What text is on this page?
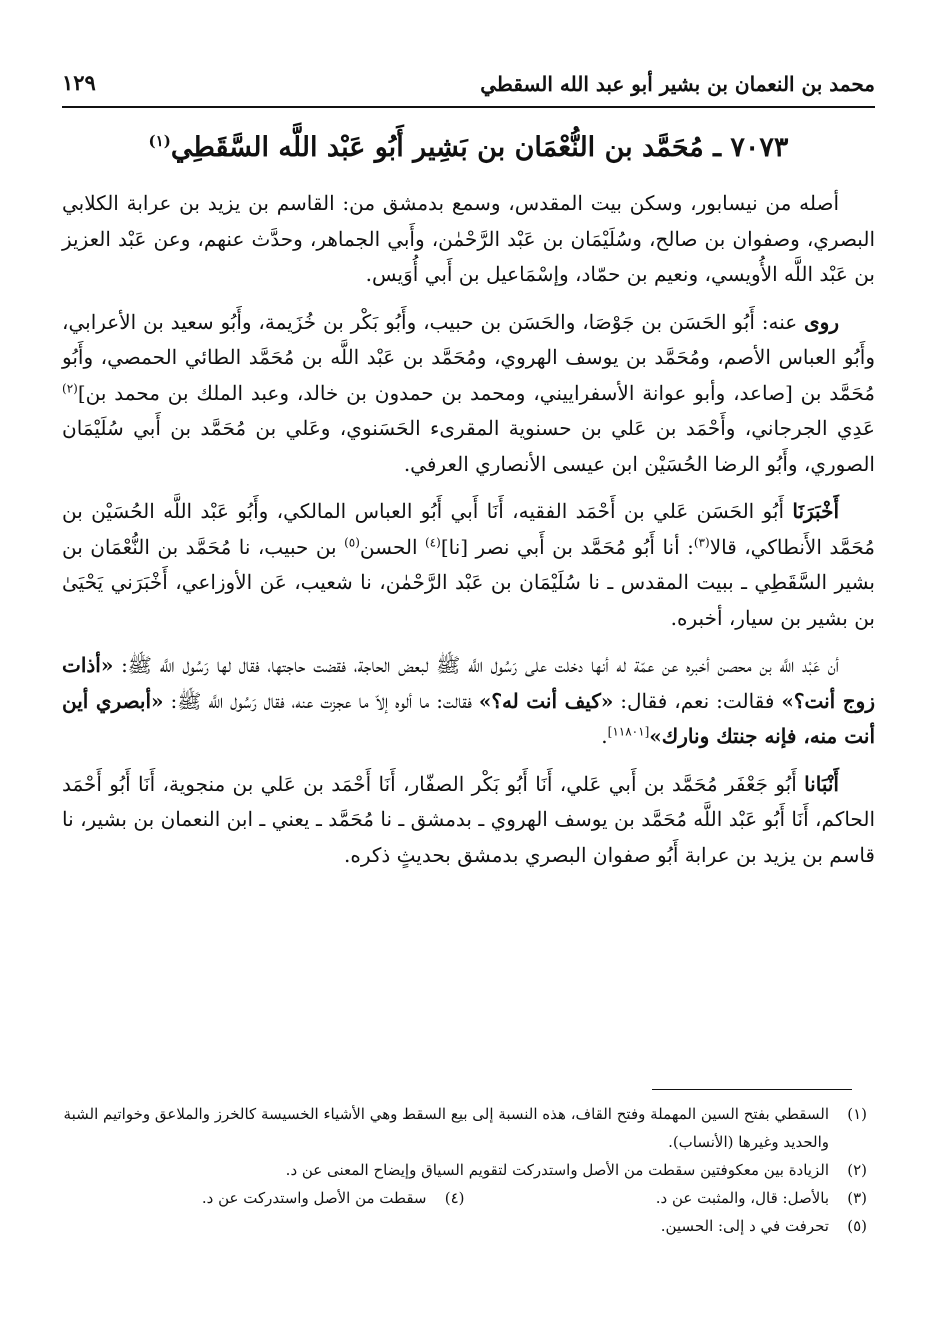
محمد بن النعمان بن بشير أبو عبد الله السقطي
١٢٩
٧٠٧٣ ـ مُحَمَّد بن النُّعْمَان بن بَشِير أَبُو عَبْد اللَّه السَّقَطِي$^{(١)}$

أصله من نيسابور، وسكن بيت المقدس، وسمع بدمشق من: القاسم بن يزيد بن عرابة الكلابي البصري، وصفوان بن صالح، وسُلَيْمَان بن عَبْد الرَّحْمٰن، وأَبي الجماهر، وحدَّث عنهم، وعن عَبْد العزيز بن عَبْد اللَّه الأُويسي، ونعيم بن حمّاد، وإسْمَاعيل بن أَبي أُوَيس.

روى عنه: أَبُو الحَسَن بن جَوْصَا، والحَسَن بن حبيب، وأَبُو بَكْر بن خُزَيمة، وأَبُو سعيد بن الأعرابي، وأَبُو العباس الأصم، ومُحَمَّد بن يوسف الهروي، ومُحَمَّد بن عَبْد اللَّه بن مُحَمَّد الطائي الحمصي، وأَبُو مُحَمَّد بن [صاعد، وأبو عوانة الأسفراييني، ومحمد بن حمدون بن خالد، وعبد الملك بن محمد بن]$^{(٢)}$ عَدِي الجرجاني، وأَحْمَد بن عَلي بن حسنوية المقرىء الحَسَنوي، وعَلي بن مُحَمَّد بن أَبي سُلَيْمَان الصوري، وأَبُو الرضا الحُسَيْن ابن عيسى الأنصاري العرفي.

أَخْبَرَنَا أَبُو الحَسَن عَلي بن أَحْمَد الفقيه، أَنَا أَبي أَبُو العباس المالكي، وأَبُو عَبْد اللَّه الحُسَيْن بن مُحَمَّد الأَنطاكي، قالا$^{(٣)}$: أنا أَبُو مُحَمَّد بن أَبي نصر [نا]$^{(٤)}$ الحسن$^{(٥)}$ بن حبيب، نا مُحَمَّد بن النُّعْمَان بن بشير السَّقَطِي ـ ببيت المقدس ـ نا سُلَيْمَان بن عَبْد الرَّحْمٰن، نا شعيب، عَن الأوزاعي، أَخْبَرَني يَحْيَىٰ بن بشير بن سيار، أخبره.

أن عَبْد اللَّه بن محصن أخبره عن عمّة له أنها دخلت على رَسُول اللَّه ﷺ لبعض الحاجة، فقضت حاجتها، فقال لها رَسُول اللَّه ﷺ: «أذات زوج أنت؟» فقالت: نعم، فقال: «كيف أنت له؟» فقالت: ما ألوه إلاّ ما عجزت عنه، فقال رَسُول اللَّه ﷺ: «أبصري أين أنت منه، فإنه جنتك ونارك»[١١٨٠١].

أَنْبَانا أَبُو جَعْفَر مُحَمَّد بن أَبي عَلي، أَنَا أَبُو بَكْر الصفّار، أَنَا أَحْمَد بن عَلي بن منجوية، أَنَا أَبُو أَحْمَد الحاكم، أَنَا أَبُو عَبْد اللَّه مُحَمَّد بن يوسف الهروي ـ بدمشق ـ نا مُحَمَّد ـ يعني ـ ابن النعمان بن بشير، نا قاسم بن يزيد بن عرابة أَبُو صفوان البصري بدمشق بحديثٍ ذكره.

(١)
السقطي بفتح السين المهملة وفتح القاف، هذه النسبة إلى بيع السقط وهي الأشياء الخسيسة كالخرز والملاعق وخواتيم الشبة والحديد وغيرها (الأنساب).
(٢)
الزيادة بين معكوفتين سقطت من الأصل واستدركت لتقويم السياق وإيضاح المعنى عن د.
(٣)
بالأصل: قال، والمثبت عن د.
(٤)
سقطت من الأصل واستدركت عن د.
(٥)
تحرفت في د إلى: الحسين.
